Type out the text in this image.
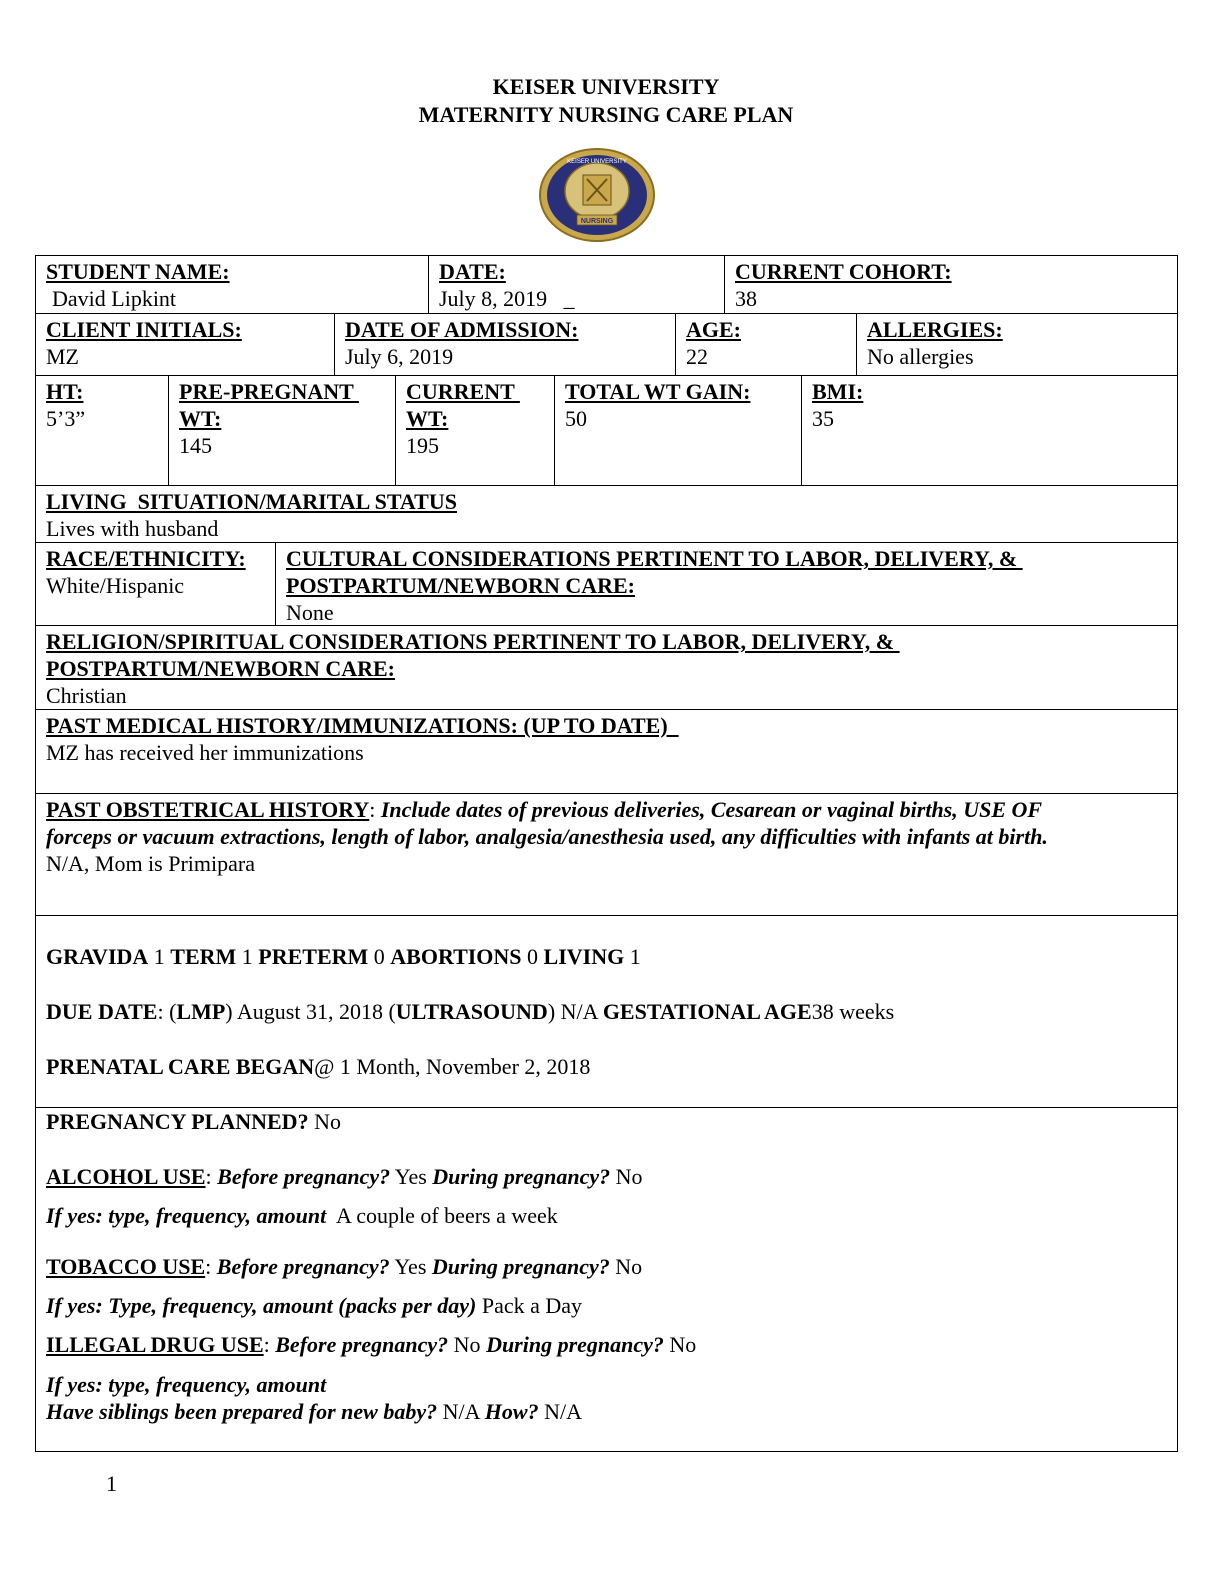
KEISER UNIVERSITY
MATERNITY NURSING CARE PLAN
NURSING
KEISER UNIVERSITY
STUDENT NAME:
David Lipkint
DATE:
July 8, 2019   _
CURRENT COHORT:
38
CLIENT INITIALS:
MZ
DATE OF ADMISSION:
July 6, 2019
AGE:
22
ALLERGIES:
No allergies
HT:
5’3”
PRE-PREGNANT
WT:
145
CURRENT
WT:
195
TOTAL WT GAIN:
50
BMI:
35
LIVING  SITUATION/MARITAL STATUS
Lives with husband
RACE/ETHNICITY:
White/Hispanic
CULTURAL CONSIDERATIONS PERTINENT TO LABOR, DELIVERY, &
POSTPARTUM/NEWBORN CARE:
None
RELIGION/SPIRITUAL CONSIDERATIONS PERTINENT TO LABOR, DELIVERY, &
POSTPARTUM/NEWBORN CARE:
Christian
PAST MEDICAL HISTORY/IMMUNIZATIONS: (UP TO DATE)
MZ has received her immunizations
PAST OBSTETRICAL HISTORY: Include dates of previous deliveries, Cesarean or vaginal births, USE OF
forceps or vacuum extractions, length of labor, analgesia/anesthesia used, any difficulties with infants at birth.
N/A, Mom is Primipara
GRAVIDA 1 TERM 1 PRETERM 0 ABORTIONS 0 LIVING 1
DUE DATE: (LMP) August 31, 2018 (ULTRASOUND) N/A GESTATIONAL AGE38 weeks
PRENATAL CARE BEGAN@ 1 Month, November 2, 2018
PREGNANCY PLANNED? No
ALCOHOL USE: Before pregnancy? Yes During pregnancy? No
If yes: type, frequency, amount  A couple of beers a week
TOBACCO USE: Before pregnancy? Yes During pregnancy? No
If yes: Type, frequency, amount (packs per day) Pack a Day
ILLEGAL DRUG USE: Before pregnancy? No During pregnancy? No
If yes: type, frequency, amount
Have siblings been prepared for new baby? N/A How? N/A
1
